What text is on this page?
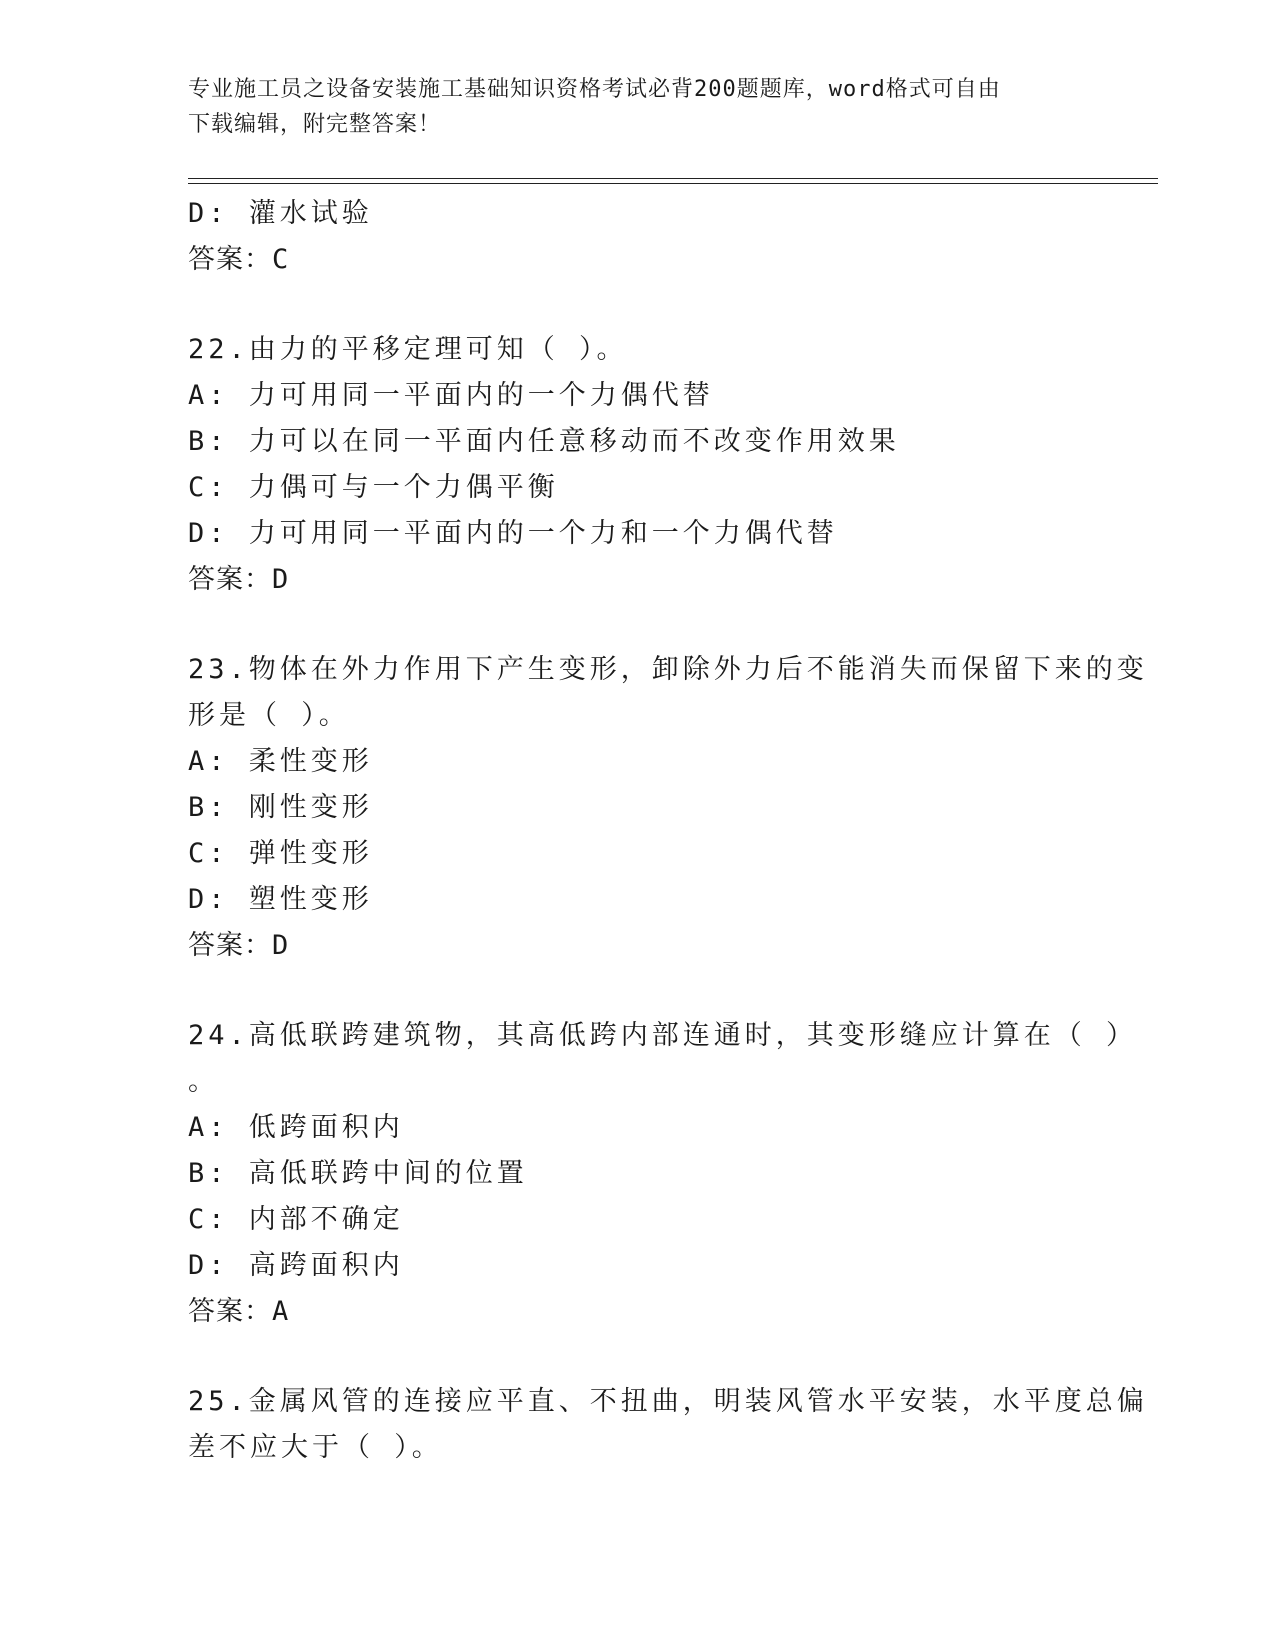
专业施工员之设备安装施工基础知识资格考试必背200题题库，word格式可自由
下载编辑，附完整答案！
D: 灌水试验
答案：C
22.由力的平移定理可知（ ）。
A: 力可用同一平面内的一个力偶代替
B: 力可以在同一平面内任意移动而不改变作用效果
C: 力偶可与一个力偶平衡
D: 力可用同一平面内的一个力和一个力偶代替
答案：D
23.物体在外力作用下产生变形，卸除外力后不能消失而保留下来的变
形是（ ）。
A: 柔性变形
B: 刚性变形
C: 弹性变形
D: 塑性变形
答案：D
24.高低联跨建筑物，其高低跨内部连通时，其变形缝应计算在（ ）
。
A: 低跨面积内
B: 高低联跨中间的位置
C: 内部不确定
D: 高跨面积内
答案：A
25.金属风管的连接应平直、不扭曲，明装风管水平安装，水平度总偏
差不应大于（ ）。
